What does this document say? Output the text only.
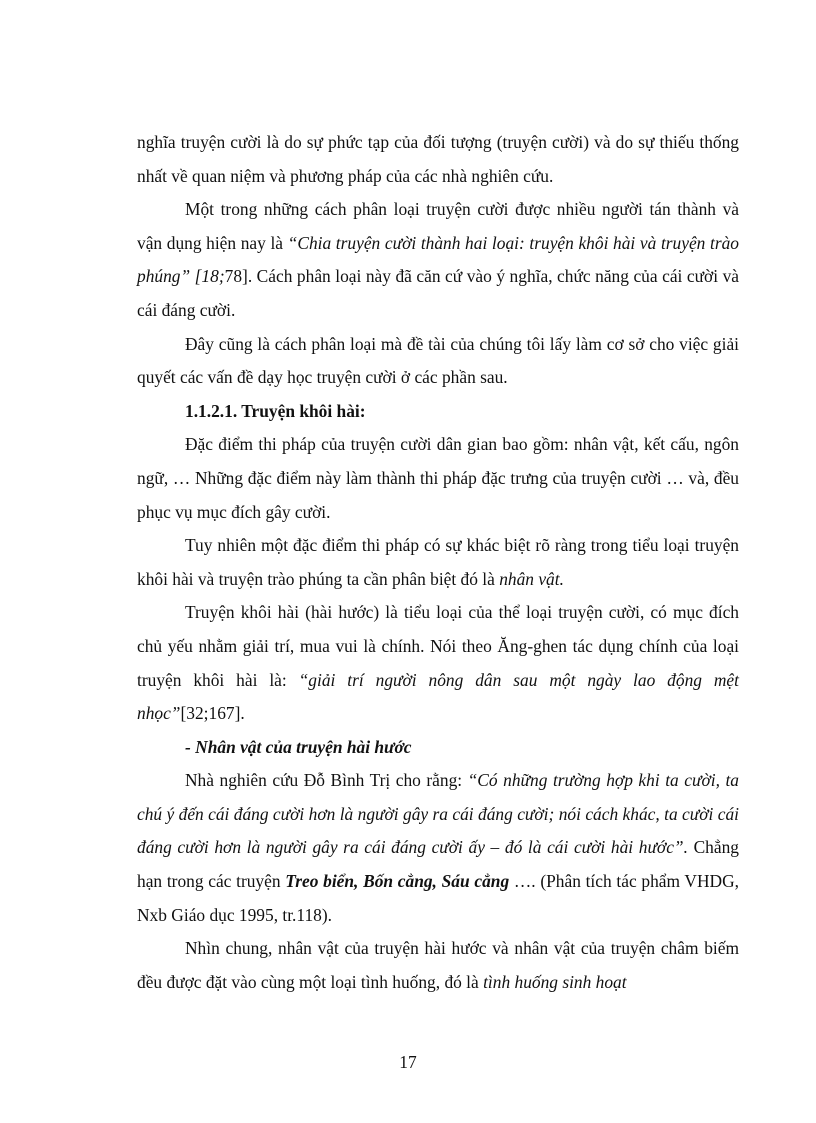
nghĩa truyện cười là do sự phức tạp của đối tượng (truyện cười) và do sự thiếu thống nhất về quan niệm và phương pháp của các nhà nghiên cứu.

Một trong những cách phân loại truyện cười được nhiều người tán thành và vận dụng hiện nay là “Chia truyện cười thành hai loại: truyện khôi hài và truyện trào phúng” [18;78]. Cách phân loại này đã căn cứ vào ý nghĩa, chức năng của cái cười và cái đáng cười.

Đây cũng là cách phân loại mà đề tài của chúng tôi lấy làm cơ sở cho việc giải quyết các vấn đề dạy học truyện cười ở các phần sau.

1.1.2.1. Truyện khôi hài:

Đặc điểm thi pháp của truyện cười dân gian bao gồm: nhân vật, kết cấu, ngôn ngữ, … Những đặc điểm này làm thành thi pháp đặc trưng của truyện cười … và, đều phục vụ mục đích gây cười.

Tuy nhiên một đặc điểm thi pháp có sự khác biệt rõ ràng trong tiểu loại truyện khôi hài và truyện trào phúng ta cần phân biệt đó là nhân vật.

Truyện khôi hài (hài hước) là tiểu loại của thể loại truyện cười, có mục đích chủ yếu nhằm giải trí, mua vui là chính. Nói theo Ăng-ghen tác dụng chính của loại truyện khôi hài là: “giải trí người nông dân sau một ngày lao động mệt nhọc”[32;167].

- Nhân vật của truyện hài hước

Nhà nghiên cứu Đỗ Bình Trị cho rằng: “Có những trường hợp khi ta cười, ta chú ý đến cái đáng cười hơn là người gây ra cái đáng cười; nói cách khác, ta cười cái đáng cười hơn là người gây ra cái đáng cười ấy – đó là cái cười hài hước”. Chẳng hạn trong các truyện Treo biển, Bốn cẳng, Sáu cẳng …. (Phân tích tác phẩm VHDG, Nxb Giáo dục 1995, tr.118).

Nhìn chung, nhân vật của truyện hài hước và nhân vật của truyện châm biếm đều được đặt vào cùng một loại tình huống, đó là tình huống sinh hoạt

17
